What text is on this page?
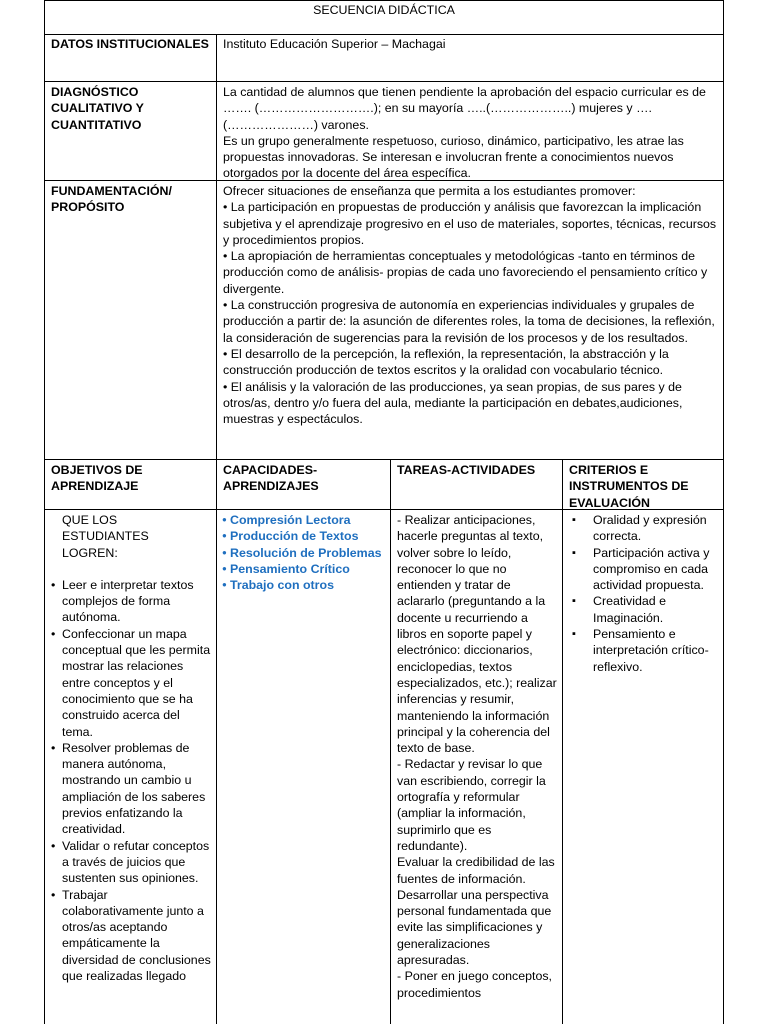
SECUENCIA DIDÁCTICA
DATOS INSTITUCIONALES Instituto Educación Superior – Machagai
DIAGNÓSTICO CUALITATIVO Y CUANTITATIVO

La cantidad de alumnos que tienen pendiente la aprobación del espacio curricular es de ……. (……………………….); en su mayoría …..(………………..) mujeres y …. (…………………) varones.

Es un grupo generalmente respetuoso, curioso, dinámico, participativo, les atrae las propuestas innovadoras. Se interesan e involucran frente a conocimientos nuevos otorgados por la docente del área específica.

FUNDAMENTACIÓN/ PROPÓSITO

Ofrecer situaciones de enseñanza que permita a los estudiantes promover:

• La participación en propuestas de producción y análisis que favorezcan la implicación subjetiva y el aprendizaje progresivo en el uso de materiales, soportes, técnicas, recursos y procedimientos propios.

• La apropiación de herramientas conceptuales y metodológicas -tanto en términos de producción como de análisis- propias de cada uno favoreciendo el pensamiento crítico y divergente.

• La construcción progresiva de autonomía en experiencias individuales y grupales de producción a partir de: la asunción de diferentes roles, la toma de decisiones, la reflexión, la consideración de sugerencias para la revisión de los procesos y de los resultados.

• El desarrollo de la percepción, la reflexión, la representación, la abstracción y la construcción producción de textos escritos y la oralidad con vocabulario técnico.

• El análisis y la valoración de las producciones, ya sean propias, de sus pares y de otros/as, dentro y/o fuera del aula, mediante la participación en debates,audiciones, muestras y espectáculos.

OBJETIVOS DE APRENDIZAJE
CAPACIDADES-APRENDIZAJES
TAREAS-ACTIVIDADES	CRITERIOS E INSTRUMENTOS DE EVALUACIÓN
QUE LOS ESTUDIANTES LOGREN:
• Leer e interpretar textos complejos de forma autónoma.
• Confeccionar un mapa conceptual que les permita mostrar las relaciones entre conceptos y el conocimiento que se ha construido acerca del tema.
• Resolver problemas de manera autónoma, mostrando un cambio u ampliación de los saberes previos enfatizando la creatividad.
• Validar o refutar conceptos a través de juicios que sustenten sus opiniones.
• Trabajar colaborativamente junto a otros/as aceptando empáticamente la diversidad de conclusiones que realizadas llegado
● Compresión Lectora
● Producción de Textos
● Resolución de Problemas
● Pensamiento Crítico
● Trabajo con otros

- Realizar anticipaciones, hacerle preguntas al texto, volver sobre lo leído, reconocer lo que no entienden y tratar de aclararlo (preguntando a la docente u recurriendo a libros en soporte papel y electrónico: diccionarios, enciclopedias, textos especializados, etc.); realizar inferencias y resumir, manteniendo la información principal y la coherencia del texto de base.

- Redactar y revisar lo que van escribiendo, corregir la ortografía y reformular (ampliar la información, suprimirlo que es redundante).

Evaluar la credibilidad de las fuentes de información.

Desarrollar una perspectiva personal fundamentada que evite las simplificaciones y generalizaciones apresuradas.

- Poner en juego conceptos, procedimientos

▪ Oralidad y expresión correcta.
▪ Participación activa y compromiso en cada actividad propuesta.
▪ Creatividad e Imaginación.
▪ Pensamiento e interpretación crítico-reflexivo.
